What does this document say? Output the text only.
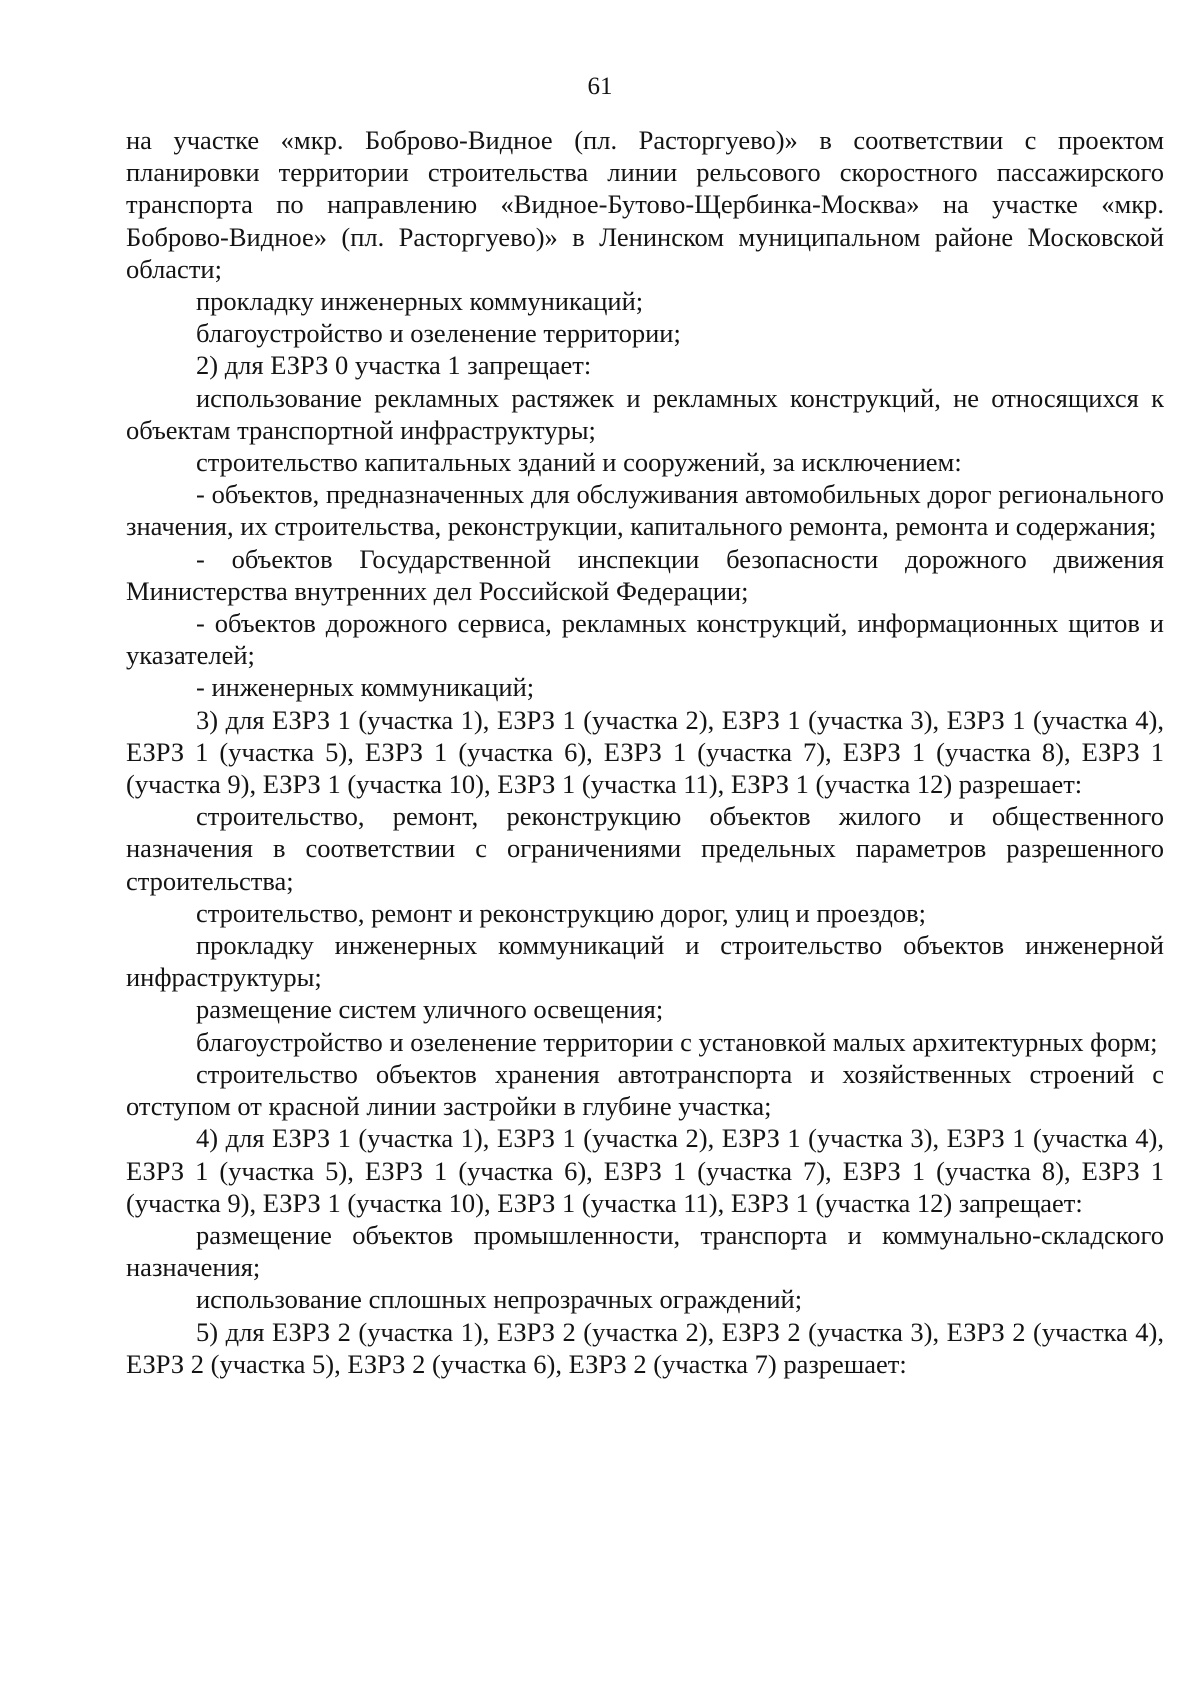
61

на участке «мкр. Боброво-Видное (пл. Расторгуево)» в соответствии с проектом планировки территории строительства линии рельсового скоростного пассажирского транспорта по направлению «Видное-Бутово-Щербинка-Москва» на участке «мкр. Боброво-Видное» (пл. Расторгуево)» в Ленинском муниципальном районе Московской области;

прокладку инженерных коммуникаций;

благоустройство и озеленение территории;

2) для ЕЗРЗ 0 участка 1 запрещает:

использование рекламных растяжек и рекламных конструкций, не относящихся к объектам транспортной инфраструктуры;

строительство капитальных зданий и сооружений, за исключением:

- объектов, предназначенных для обслуживания автомобильных дорог регионального значения, их строительства, реконструкции, капитального ремонта, ремонта и содержания;

- объектов Государственной инспекции безопасности дорожного движения Министерства внутренних дел Российской Федерации;

- объектов дорожного сервиса, рекламных конструкций, информационных щитов и указателей;

- инженерных коммуникаций;

3) для ЕЗРЗ 1 (участка 1), ЕЗРЗ 1 (участка 2), ЕЗРЗ 1 (участка 3), ЕЗРЗ 1 (участка 4), ЕЗРЗ 1 (участка 5), ЕЗРЗ 1 (участка 6), ЕЗРЗ 1 (участка 7), ЕЗРЗ 1 (участка 8), ЕЗРЗ 1 (участка 9), ЕЗРЗ 1 (участка 10), ЕЗРЗ 1 (участка 11), ЕЗРЗ 1 (участка 12) разрешает:

строительство, ремонт, реконструкцию объектов жилого и общественного назначения в соответствии с ограничениями предельных параметров разрешенного строительства;

строительство, ремонт и реконструкцию дорог, улиц и проездов;

прокладку инженерных коммуникаций и строительство объектов инженерной инфраструктуры;

размещение систем уличного освещения;

благоустройство и озеленение территории с установкой малых архитектурных форм;

строительство объектов хранения автотранспорта и хозяйственных строений с отступом от красной линии застройки в глубине участка;

4) для ЕЗРЗ 1 (участка 1), ЕЗРЗ 1 (участка 2), ЕЗРЗ 1 (участка 3), ЕЗРЗ 1 (участка 4), ЕЗРЗ 1 (участка 5), ЕЗРЗ 1 (участка 6), ЕЗРЗ 1 (участка 7), ЕЗРЗ 1 (участка 8), ЕЗРЗ 1 (участка 9), ЕЗРЗ 1 (участка 10), ЕЗРЗ 1 (участка 11), ЕЗРЗ 1 (участка 12) запрещает:

размещение объектов промышленности, транспорта и коммунально-складского назначения;

использование сплошных непрозрачных ограждений;

5) для ЕЗРЗ 2 (участка 1), ЕЗРЗ 2 (участка 2), ЕЗРЗ 2 (участка 3), ЕЗРЗ 2 (участка 4), ЕЗРЗ 2 (участка 5), ЕЗРЗ 2 (участка 6), ЕЗРЗ 2 (участка 7) разрешает:
